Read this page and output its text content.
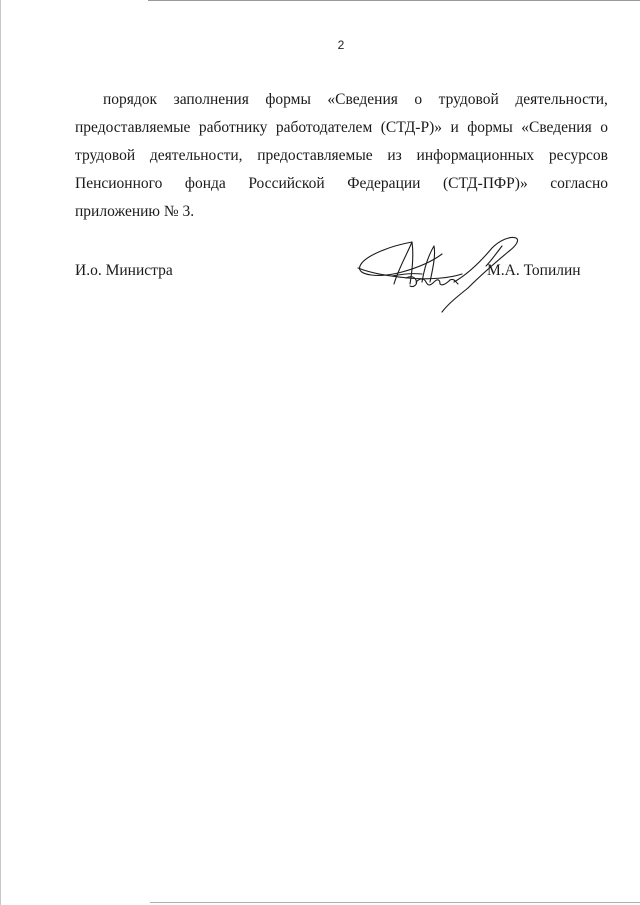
2
порядок заполнения формы «Сведения о трудовой деятельности,
предоставляемые работнику работодателем (СТД-Р)» и формы «Сведения о
трудовой деятельности, предоставляемые из информационных ресурсов
Пенсионного фонда Российской Федерации (СТД-ПФР)» согласно
приложению № 3.
И.о. Министра	М.А. Топилин
